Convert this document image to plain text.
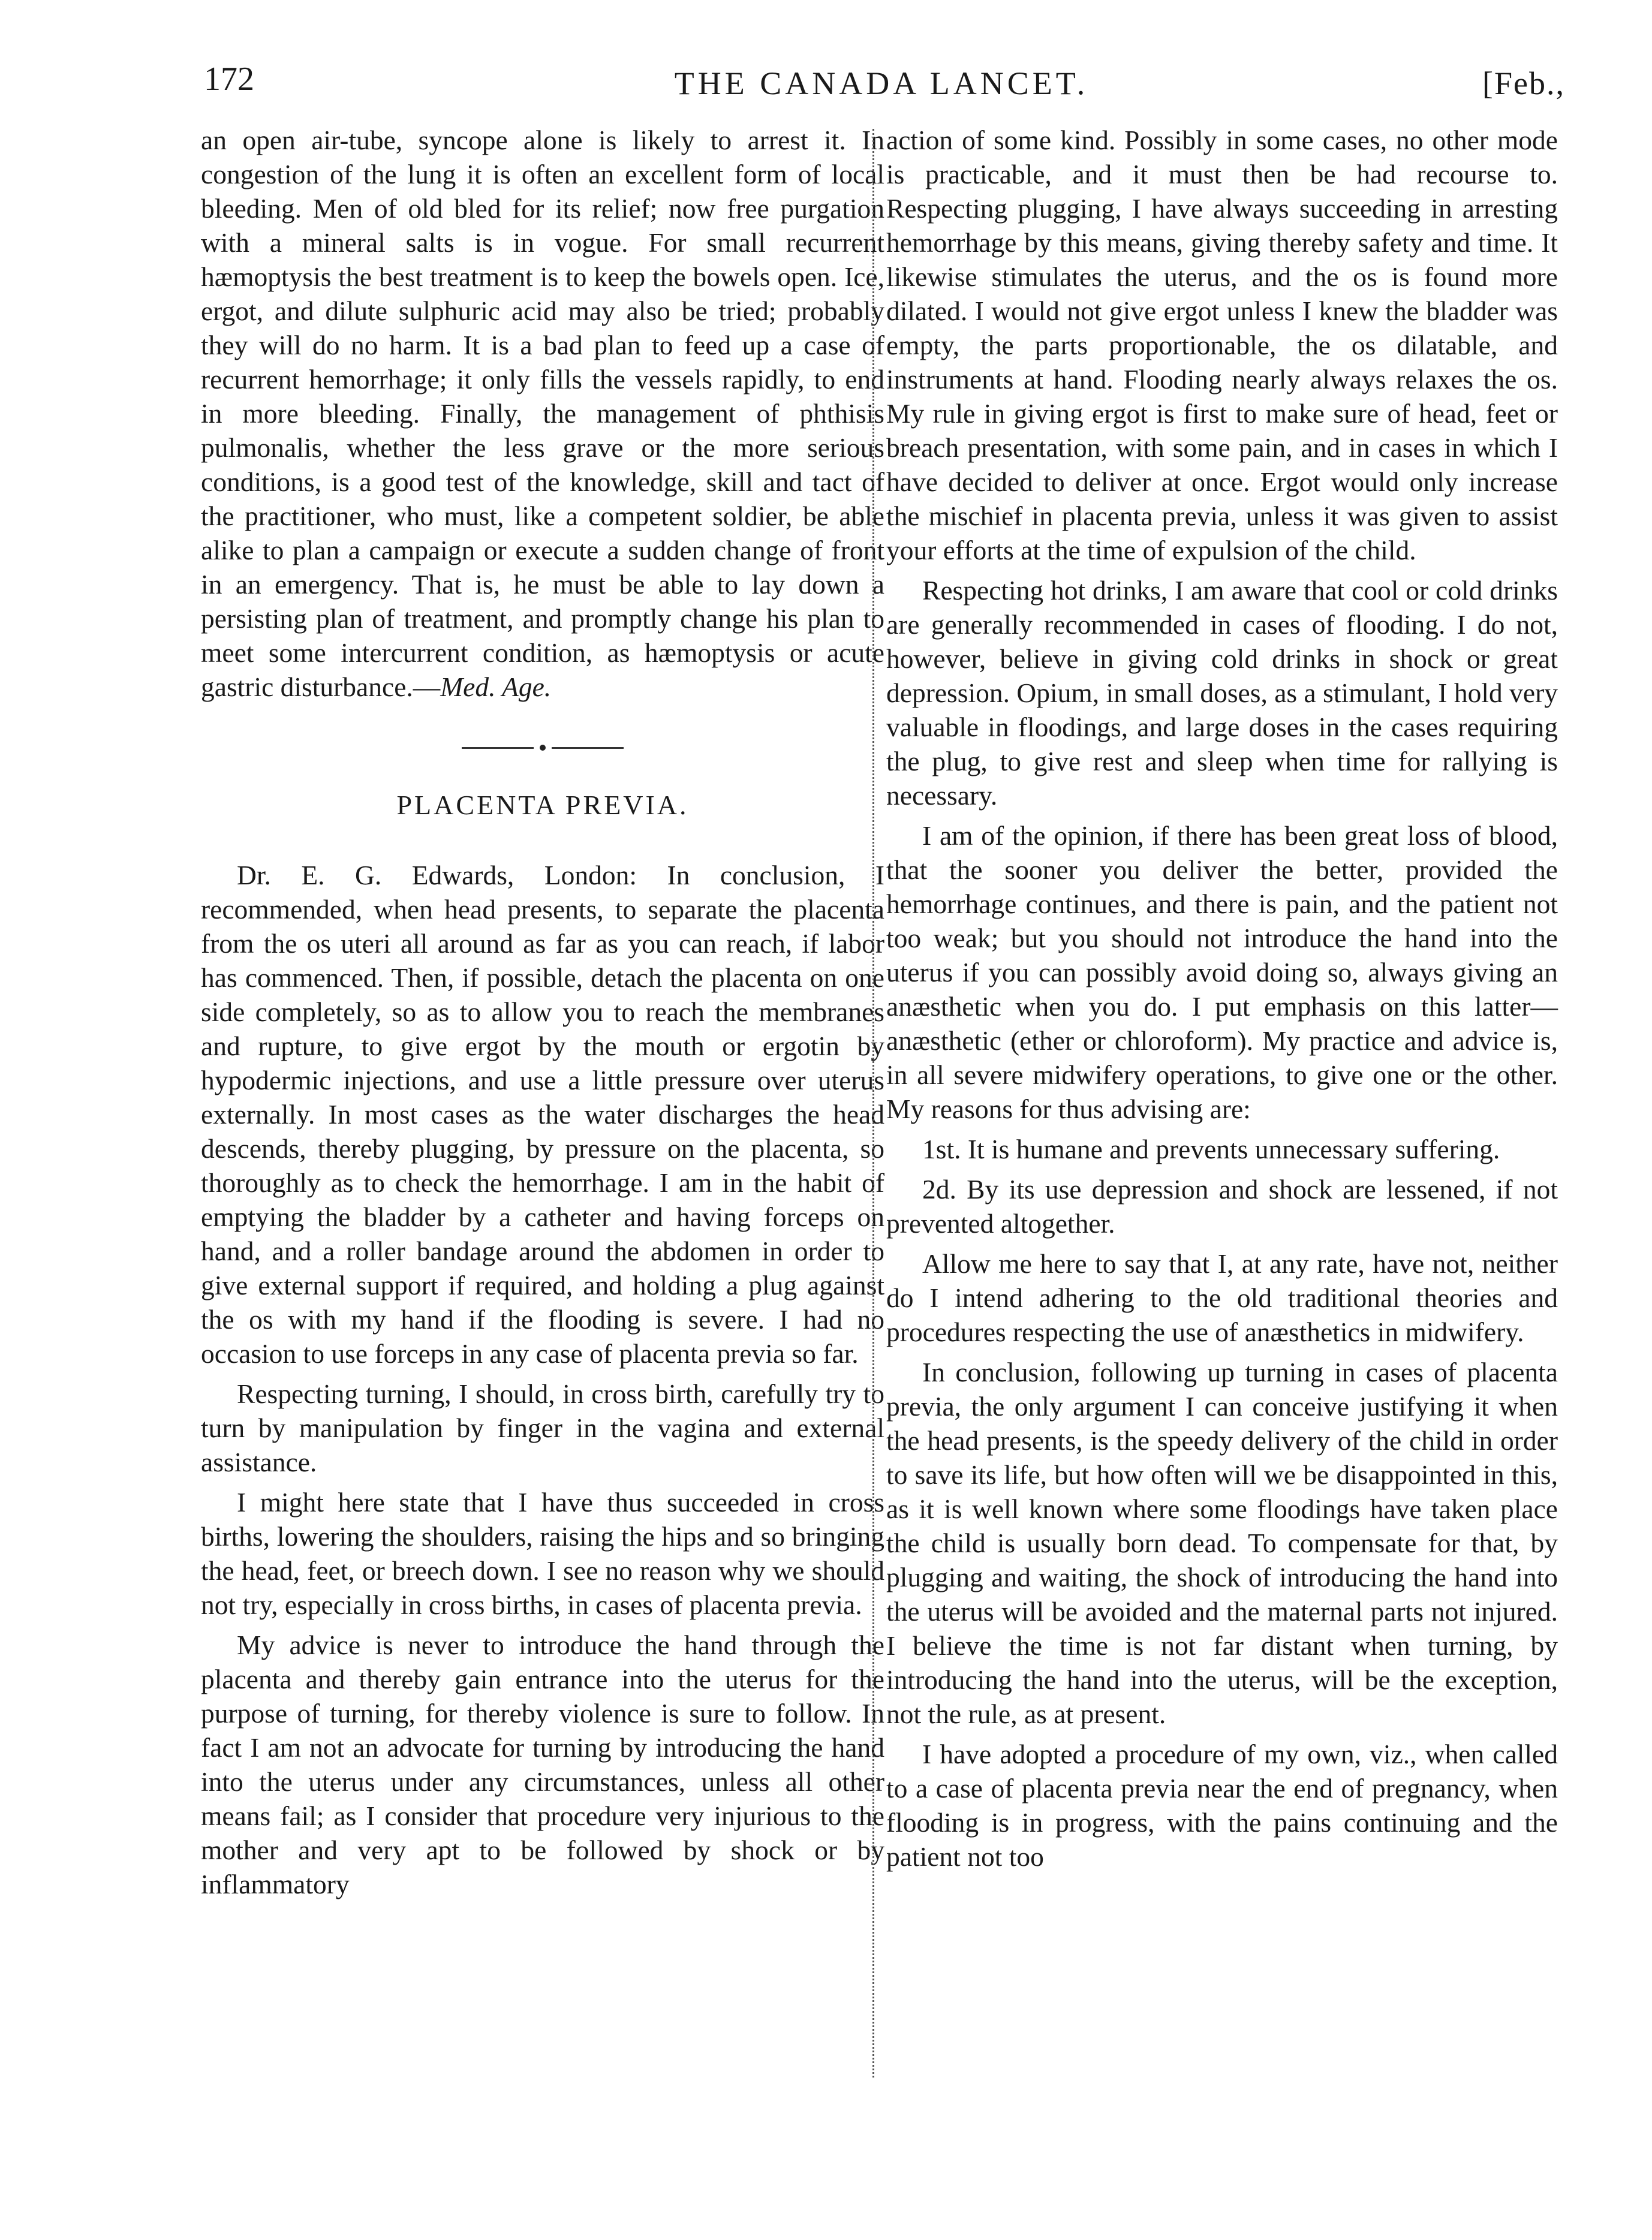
172	THE CANADA LANCET.	[Feb.,

an open air-tube, syncope alone is likely to arrest it. In congestion of the lung it is often an excellent form of local bleeding. Men of old bled for its relief; now free purgation with a mineral salts is in vogue. For small recurrent hæmoptysis the best treatment is to keep the bowels open. Ice, ergot, and dilute sulphuric acid may also be tried; probably they will do no harm. It is a bad plan to feed up a case of recurrent hemorrhage; it only fills the vessels rapidly, to end in more bleeding. Finally, the management of phthisis pulmonalis, whether the less grave or the more serious conditions, is a good test of the knowledge, skill and tact of the practitioner, who must, like a competent soldier, be able alike to plan a campaign or execute a sudden change of front in an emergency. That is, he must be able to lay down a persisting plan of treatment, and promptly change his plan to meet some intercurrent condition, as hæmoptysis or acute gastric disturbance.—Med. Age.

PLACENTA PREVIA.

Dr. E. G. Edwards, London: In conclusion, I recommended, when head presents, to separate the placenta from the os uteri all around as far as you can reach, if labor has commenced. Then, if possible, detach the placenta on one side completely, so as to allow you to reach the membranes and rupture, to give ergot by the mouth or ergotin by hypodermic injections, and use a little pressure over uterus externally. In most cases as the water discharges the head descends, thereby plugging, by pressure on the placenta, so thoroughly as to check the hemorrhage. I am in the habit of emptying the bladder by a catheter and having forceps on hand, and a roller bandage around the abdomen in order to give external support if required, and holding a plug against the os with my hand if the flooding is severe. I had no occasion to use forceps in any case of placenta previa so far.

Respecting turning, I should, in cross birth, carefully try to turn by manipulation by finger in the vagina and external assistance.

I might here state that I have thus succeeded in cross births, lowering the shoulders, raising the hips and so bringing the head, feet, or breech down. I see no reason why we should not try, especially in cross births, in cases of placenta previa.

My advice is never to introduce the hand through the placenta and thereby gain entrance into the uterus for the purpose of turning, for thereby violence is sure to follow. In fact I am not an advocate for turning by introducing the hand into the uterus under any circumstances, unless all other means fail; as I consider that procedure very injurious to the mother and very apt to be followed by shock or by inflammatory

action of some kind. Possibly in some cases, no other mode is practicable, and it must then be had recourse to. Respecting plugging, I have always succeeding in arresting hemorrhage by this means, giving thereby safety and time. It likewise stimulates the uterus, and the os is found more dilated. I would not give ergot unless I knew the bladder was empty, the parts proportionable, the os dilatable, and instruments at hand. Flooding nearly always relaxes the os. My rule in giving ergot is first to make sure of head, feet or breach presentation, with some pain, and in cases in which I have decided to deliver at once. Ergot would only increase the mischief in placenta previa, unless it was given to assist your efforts at the time of expulsion of the child.

Respecting hot drinks, I am aware that cool or cold drinks are generally recommended in cases of flooding. I do not, however, believe in giving cold drinks in shock or great depression. Opium, in small doses, as a stimulant, I hold very valuable in floodings, and large doses in the cases requiring the plug, to give rest and sleep when time for rallying is necessary.

I am of the opinion, if there has been great loss of blood, that the sooner you deliver the better, provided the hemorrhage continues, and there is pain, and the patient not too weak; but you should not introduce the hand into the uterus if you can possibly avoid doing so, always giving an anæsthetic when you do. I put emphasis on this latter—anæsthetic (ether or chloroform). My practice and advice is, in all severe midwifery operations, to give one or the other. My reasons for thus advising are:

1st. It is humane and prevents unnecessary suffering.

2d. By its use depression and shock are lessened, if not prevented altogether.

Allow me here to say that I, at any rate, have not, neither do I intend adhering to the old traditional theories and procedures respecting the use of anæsthetics in midwifery.

In conclusion, following up turning in cases of placenta previa, the only argument I can conceive justifying it when the head presents, is the speedy delivery of the child in order to save its life, but how often will we be disappointed in this, as it is well known where some floodings have taken place the child is usually born dead. To compensate for that, by plugging and waiting, the shock of introducing the hand into the uterus will be avoided and the maternal parts not injured. I believe the time is not far distant when turning, by introducing the hand into the uterus, will be the exception, not the rule, as at present.

I have adopted a procedure of my own, viz., when called to a case of placenta previa near the end of pregnancy, when flooding is in progress, with the pains continuing and the patient not too
